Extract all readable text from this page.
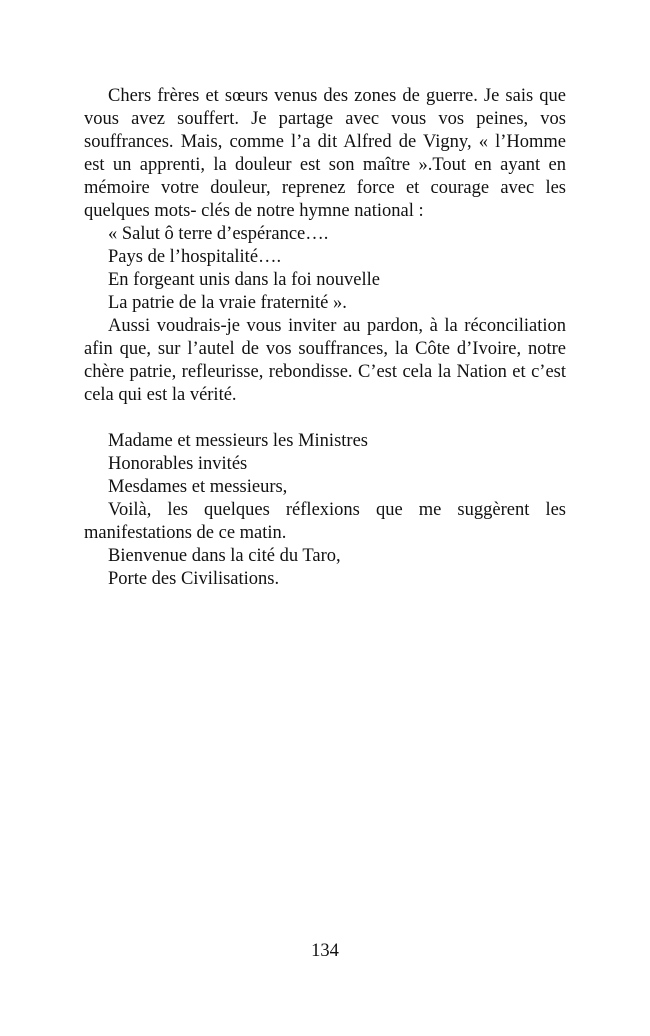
Chers frères et sœurs venus des zones de guerre. Je sais que vous avez souffert. Je partage avec vous vos peines, vos souffrances. Mais, comme l’a dit Alfred de Vigny, « l’Homme est un apprenti, la douleur est son maître ».Tout en ayant en mémoire votre douleur, reprenez force et courage avec les quelques mots- clés de notre hymne national :

« Salut ô terre d’espérance….

Pays de l’hospitalité….

En forgeant unis dans la foi nouvelle

La patrie de la vraie fraternité ».

Aussi voudrais-je vous inviter au pardon, à la réconciliation afin que, sur l’autel de vos souffrances, la Côte d’Ivoire, notre chère patrie, refleurisse, rebondisse. C’est cela la Nation et c’est cela qui est la vérité.

Madame et messieurs les Ministres

Honorables invités

Mesdames et messieurs,

Voilà, les quelques réflexions que me suggèrent les manifestations de ce matin.

Bienvenue dans la cité du Taro,

Porte des Civilisations.

134
